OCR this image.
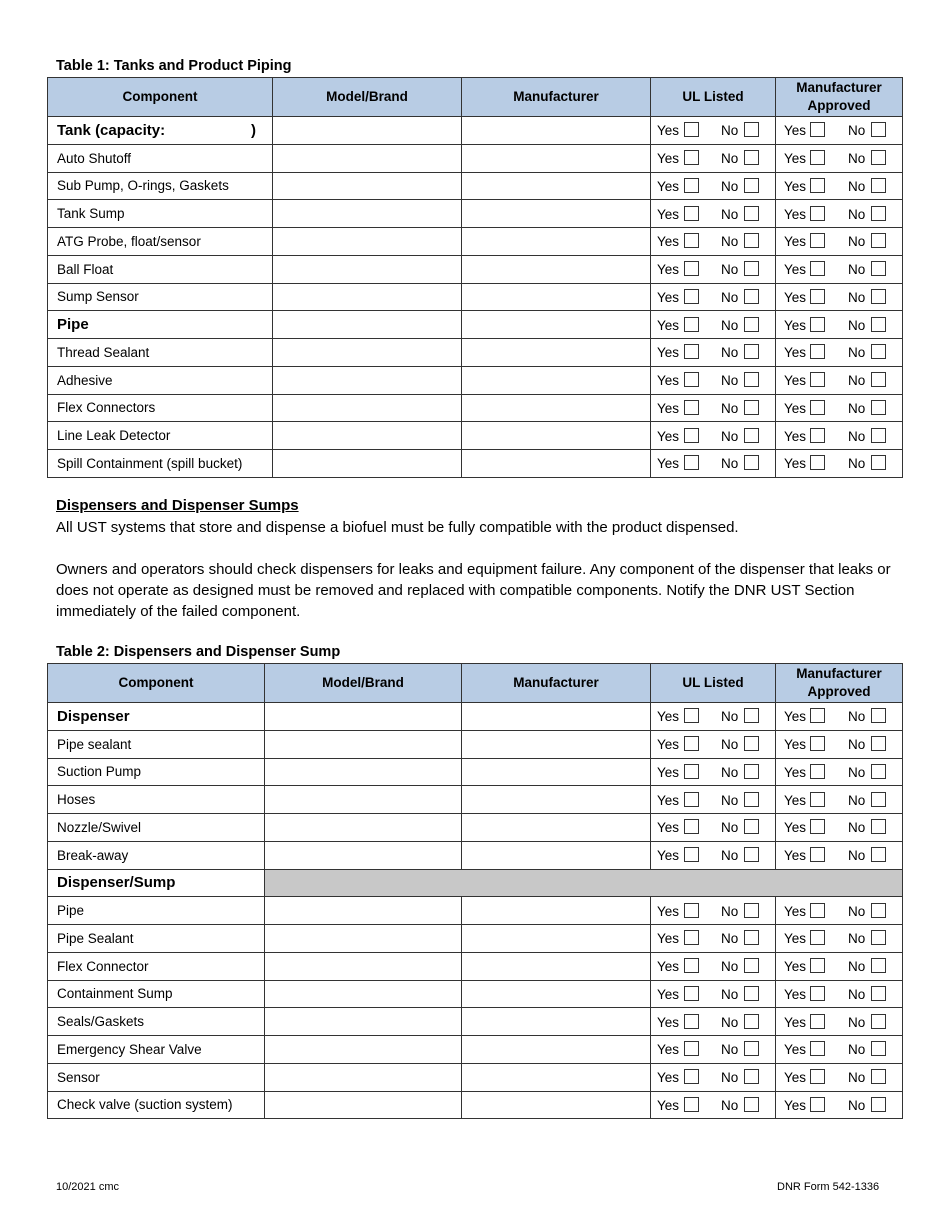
Table 1: Tanks and Product Piping
Component	Model/Brand	Manufacturer	UL Listed	Manufacturer Approved
Tank (capacity: )			Yes No	Yes No

Auto Shutoff			Yes No	Yes No

Sub Pump, O-rings, Gaskets			Yes No	Yes No

Tank Sump			Yes No	Yes No

ATG Probe, float/sensor			Yes No	Yes No

Ball Float			Yes No	Yes No

Sump Sensor			Yes No	Yes No

Pipe			Yes No	Yes No

Thread Sealant			Yes No	Yes No

Adhesive			Yes No	Yes No

Flex Connectors			Yes No	Yes No

Line Leak Detector			Yes No	Yes No

Spill Containment (spill bucket)			Yes No	Yes No
Dispensers and Dispenser Sumps
All UST systems that store and dispense a biofuel must be fully compatible with the product dispensed.
Owners and operators should check dispensers for leaks and equipment failure. Any component of the dispenser that leaks or does not operate as designed must be removed and replaced with compatible components. Notify the DNR UST Section immediately of the failed component.
Table 2: Dispensers and Dispenser Sump
Component	Model/Brand	Manufacturer	UL Listed	Manufacturer Approved
Dispenser			Yes No	Yes No

Pipe sealant			Yes No	Yes No

Suction Pump			Yes No	Yes No

Hoses			Yes No	Yes No

Nozzle/Swivel			Yes No	Yes No

Break-away			Yes No	Yes No

Dispenser/Sump				
Pipe			Yes No	Yes No

Pipe Sealant			Yes No	Yes No

Flex Connector			Yes No	Yes No

Containment Sump			Yes No	Yes No

Seals/Gaskets			Yes No	Yes No

Emergency Shear Valve			Yes No	Yes No

Sensor			Yes No	Yes No

Check valve (suction system)			Yes No	Yes No
10/2021 cmc	DNR Form 542-1336
